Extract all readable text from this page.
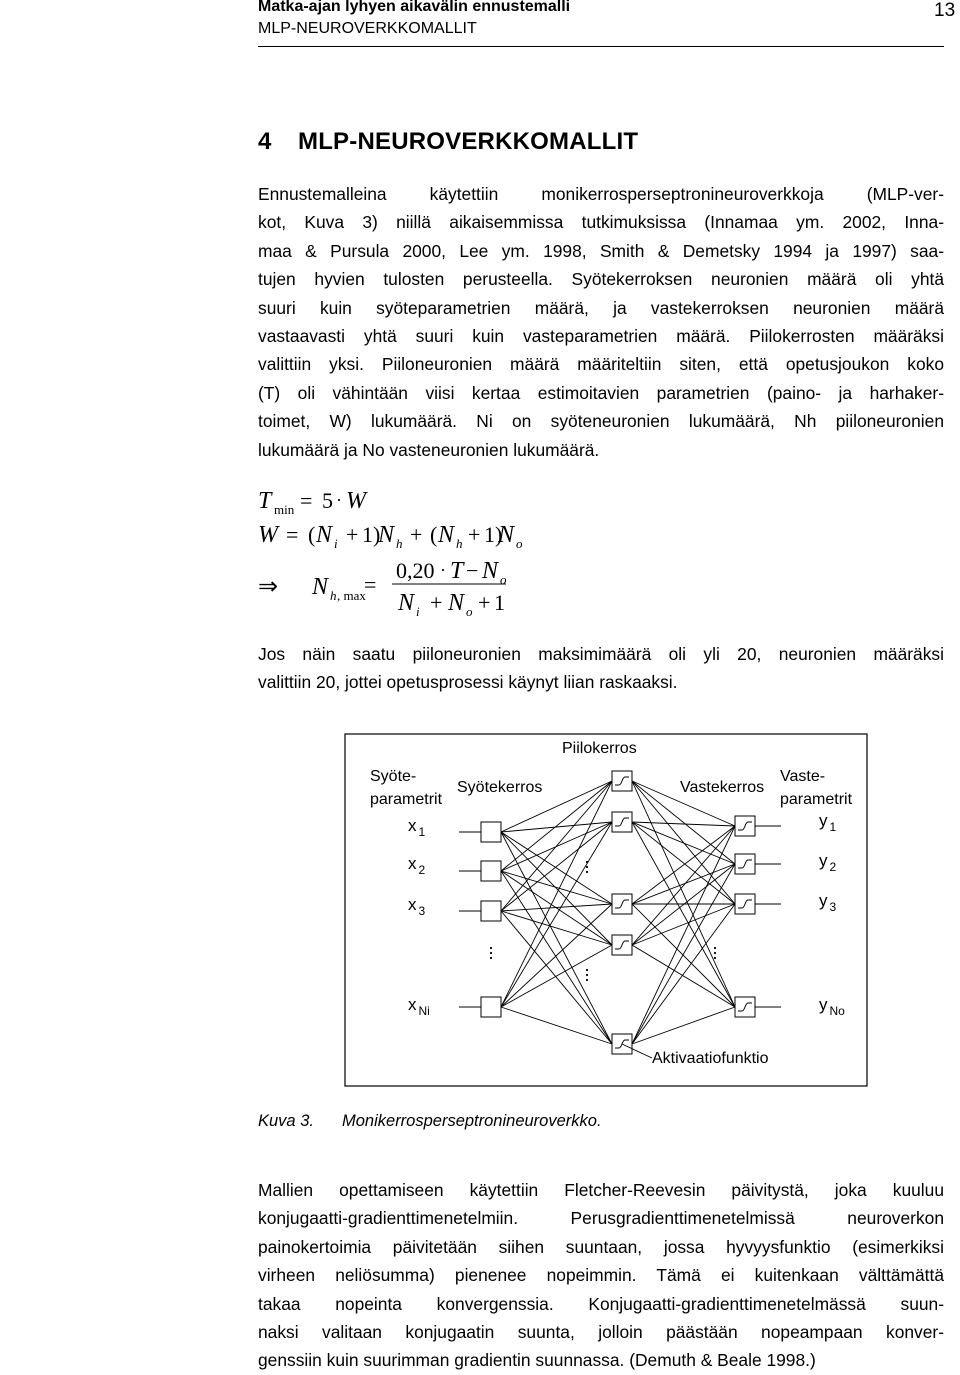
Matka-ajan lyhyen aikavälin ennustemalli
MLP-NEUROVERKKOMALLIT
13
4 MLP-NEUROVERKKOMALLIT
Ennustemalleina käytettiin monikerrosperseptronineuroverkkoja (MLP-ver-
kot, Kuva 3) niillä aikaisemmissa tutkimuksissa (Innamaa ym. 2002, Inna-
maa & Pursula 2000, Lee ym. 1998, Smith & Demetsky 1994 ja 1997) saa-
tujen hyvien tulosten perusteella. Syötekerroksen neuronien määrä oli yhtä
suuri kuin syöteparametrien määrä, ja vastekerroksen neuronien määrä
vastaavasti yhtä suuri kuin vasteparametrien määrä. Piilokerrosten määräksi
valittiin yksi. Piiloneuronien määrä määriteltiin siten, että opetusjoukon koko
(T) oli vähintään viisi kertaa estimoitavien parametrien (paino- ja harhaker-
toimet, W) lukumäärä. Ni on syöteneuronien lukumäärä, Nh piiloneuronien
lukumäärä ja No vasteneuronien lukumäärä.
T min = 5 · W
W = ( N i + 1)
N h + ( N h + 1)
N o
⇒ N h , max
=
0,20 · T − N o
N i + N o + 1
Jos näin saatu piiloneuronien maksimimäärä oli yli 20, neuronien määräksi
valittiin 20, jottei opetusprosessi käynyt liian raskaaksi.
Piilokerros
Syöte-
parametrit
Syötekerros	Vastekerros
Vaste-
parametrit
x $_1$
x $_2$
x $_3$
x $_{Ni}$
y $_1$
y $_2$
y $_3$
y $_{No}$
Aktivaatiofunktio
Kuva 3. Monikerrosperseptronineuroverkko.
Mallien opettamiseen käytettiin Fletcher-Reevesin päivitystä, joka kuuluu
konjugaatti-gradienttimenetelmiin. Perusgradienttimenetelmissä neuroverkon
painokertoimia päivitetään siihen suuntaan, jossa hyvyysfunktio (esimerkiksi
virheen neliösumma) pienenee nopeimmin. Tämä ei kuitenkaan välttämättä
takaa nopeinta konvergenssia. Konjugaatti-gradienttimenetelmässä suun-
naksi valitaan konjugaatin suunta, jolloin päästään nopeampaan konver-
genssiin kuin suurimman gradientin suunnassa. (Demuth & Beale 1998.)
